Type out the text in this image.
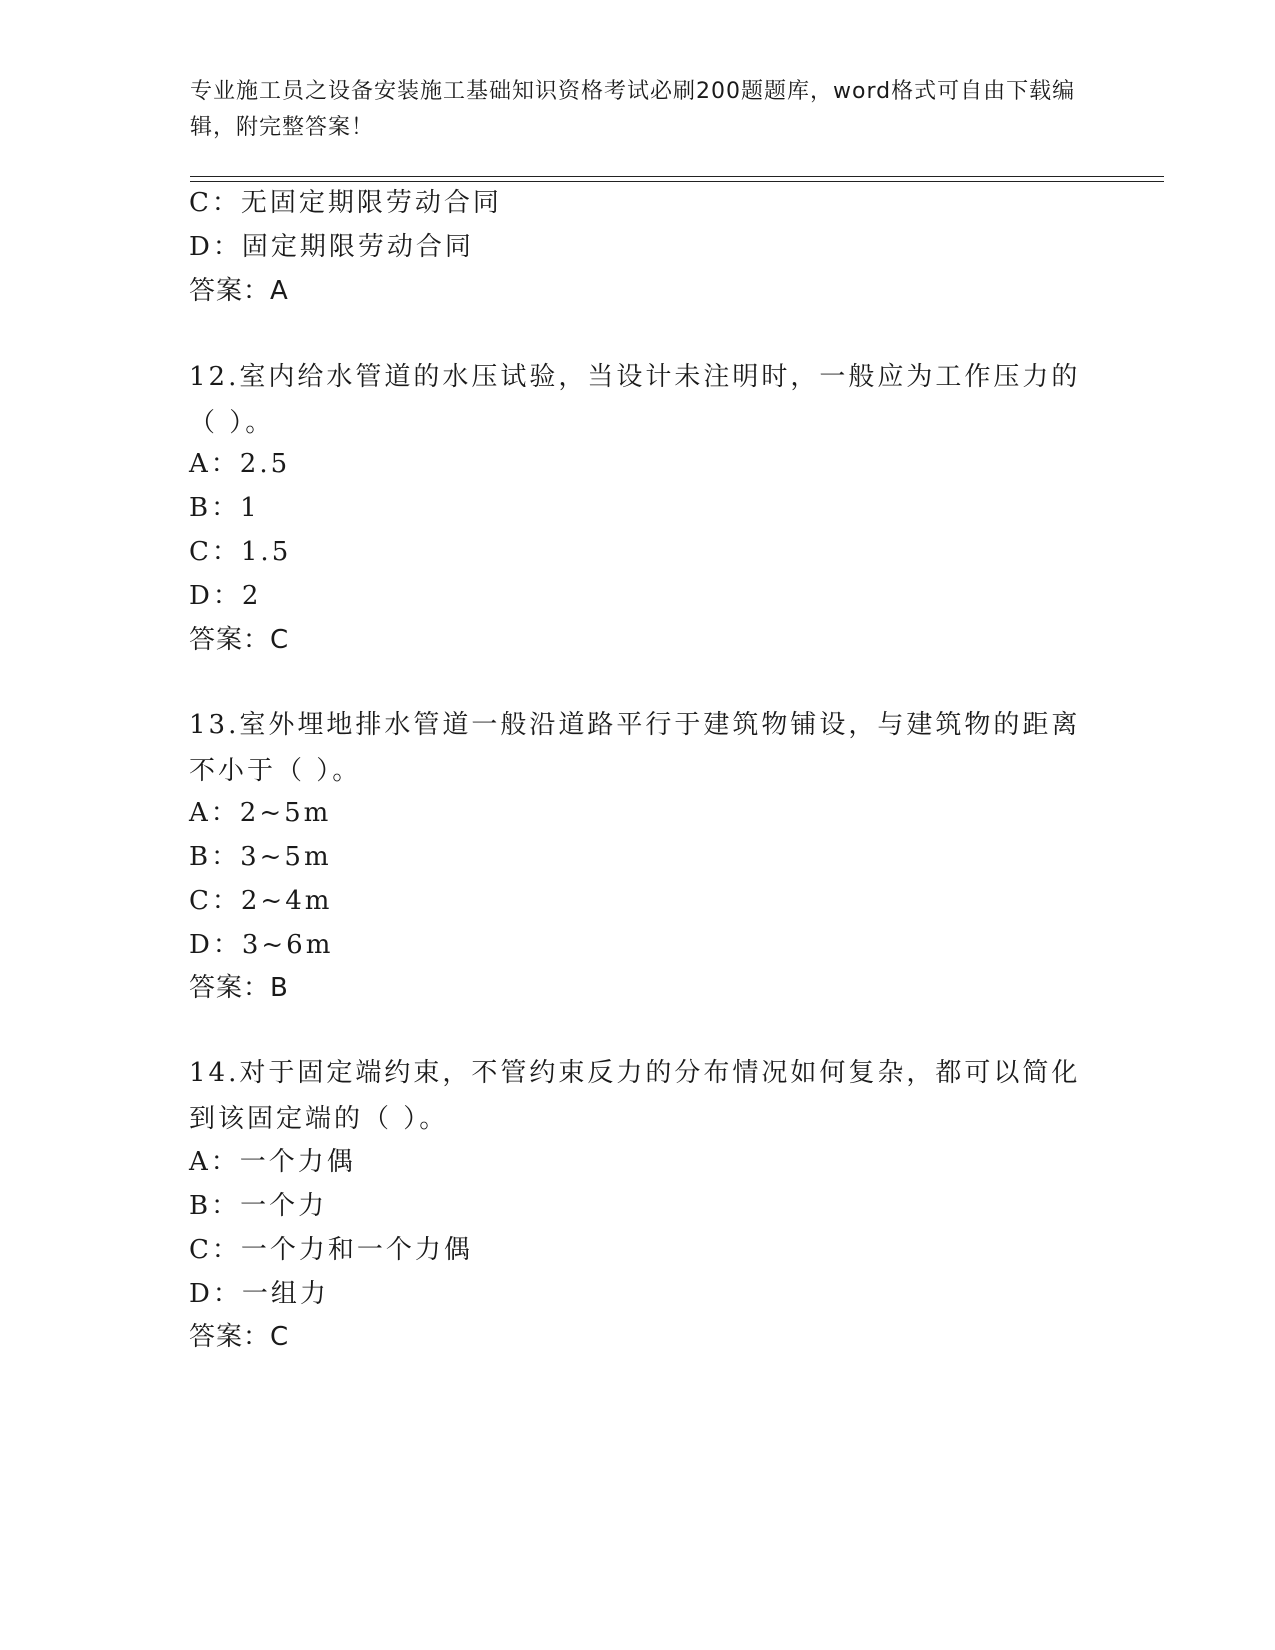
专业施工员之设备安装施工基础知识资格考试必刷200题题库，word格式可自由下载编辑，附完整答案！
C：无固定期限劳动合同
D：固定期限劳动合同
答案：A
12.室内给水管道的水压试验，当设计未注明时，一般应为工作压力的（ ）。
A：2.5
B：1
C：1.5
D：2
答案：C
13.室外埋地排水管道一般沿道路平行于建筑物铺设，与建筑物的距离不小于（ ）。
A：2~5m
B：3~5m
C：2~4m
D：3~6m
答案：B
14.对于固定端约束，不管约束反力的分布情况如何复杂，都可以简化到该固定端的（ ）。
A：一个力偶
B：一个力
C：一个力和一个力偶
D：一组力
答案：C
